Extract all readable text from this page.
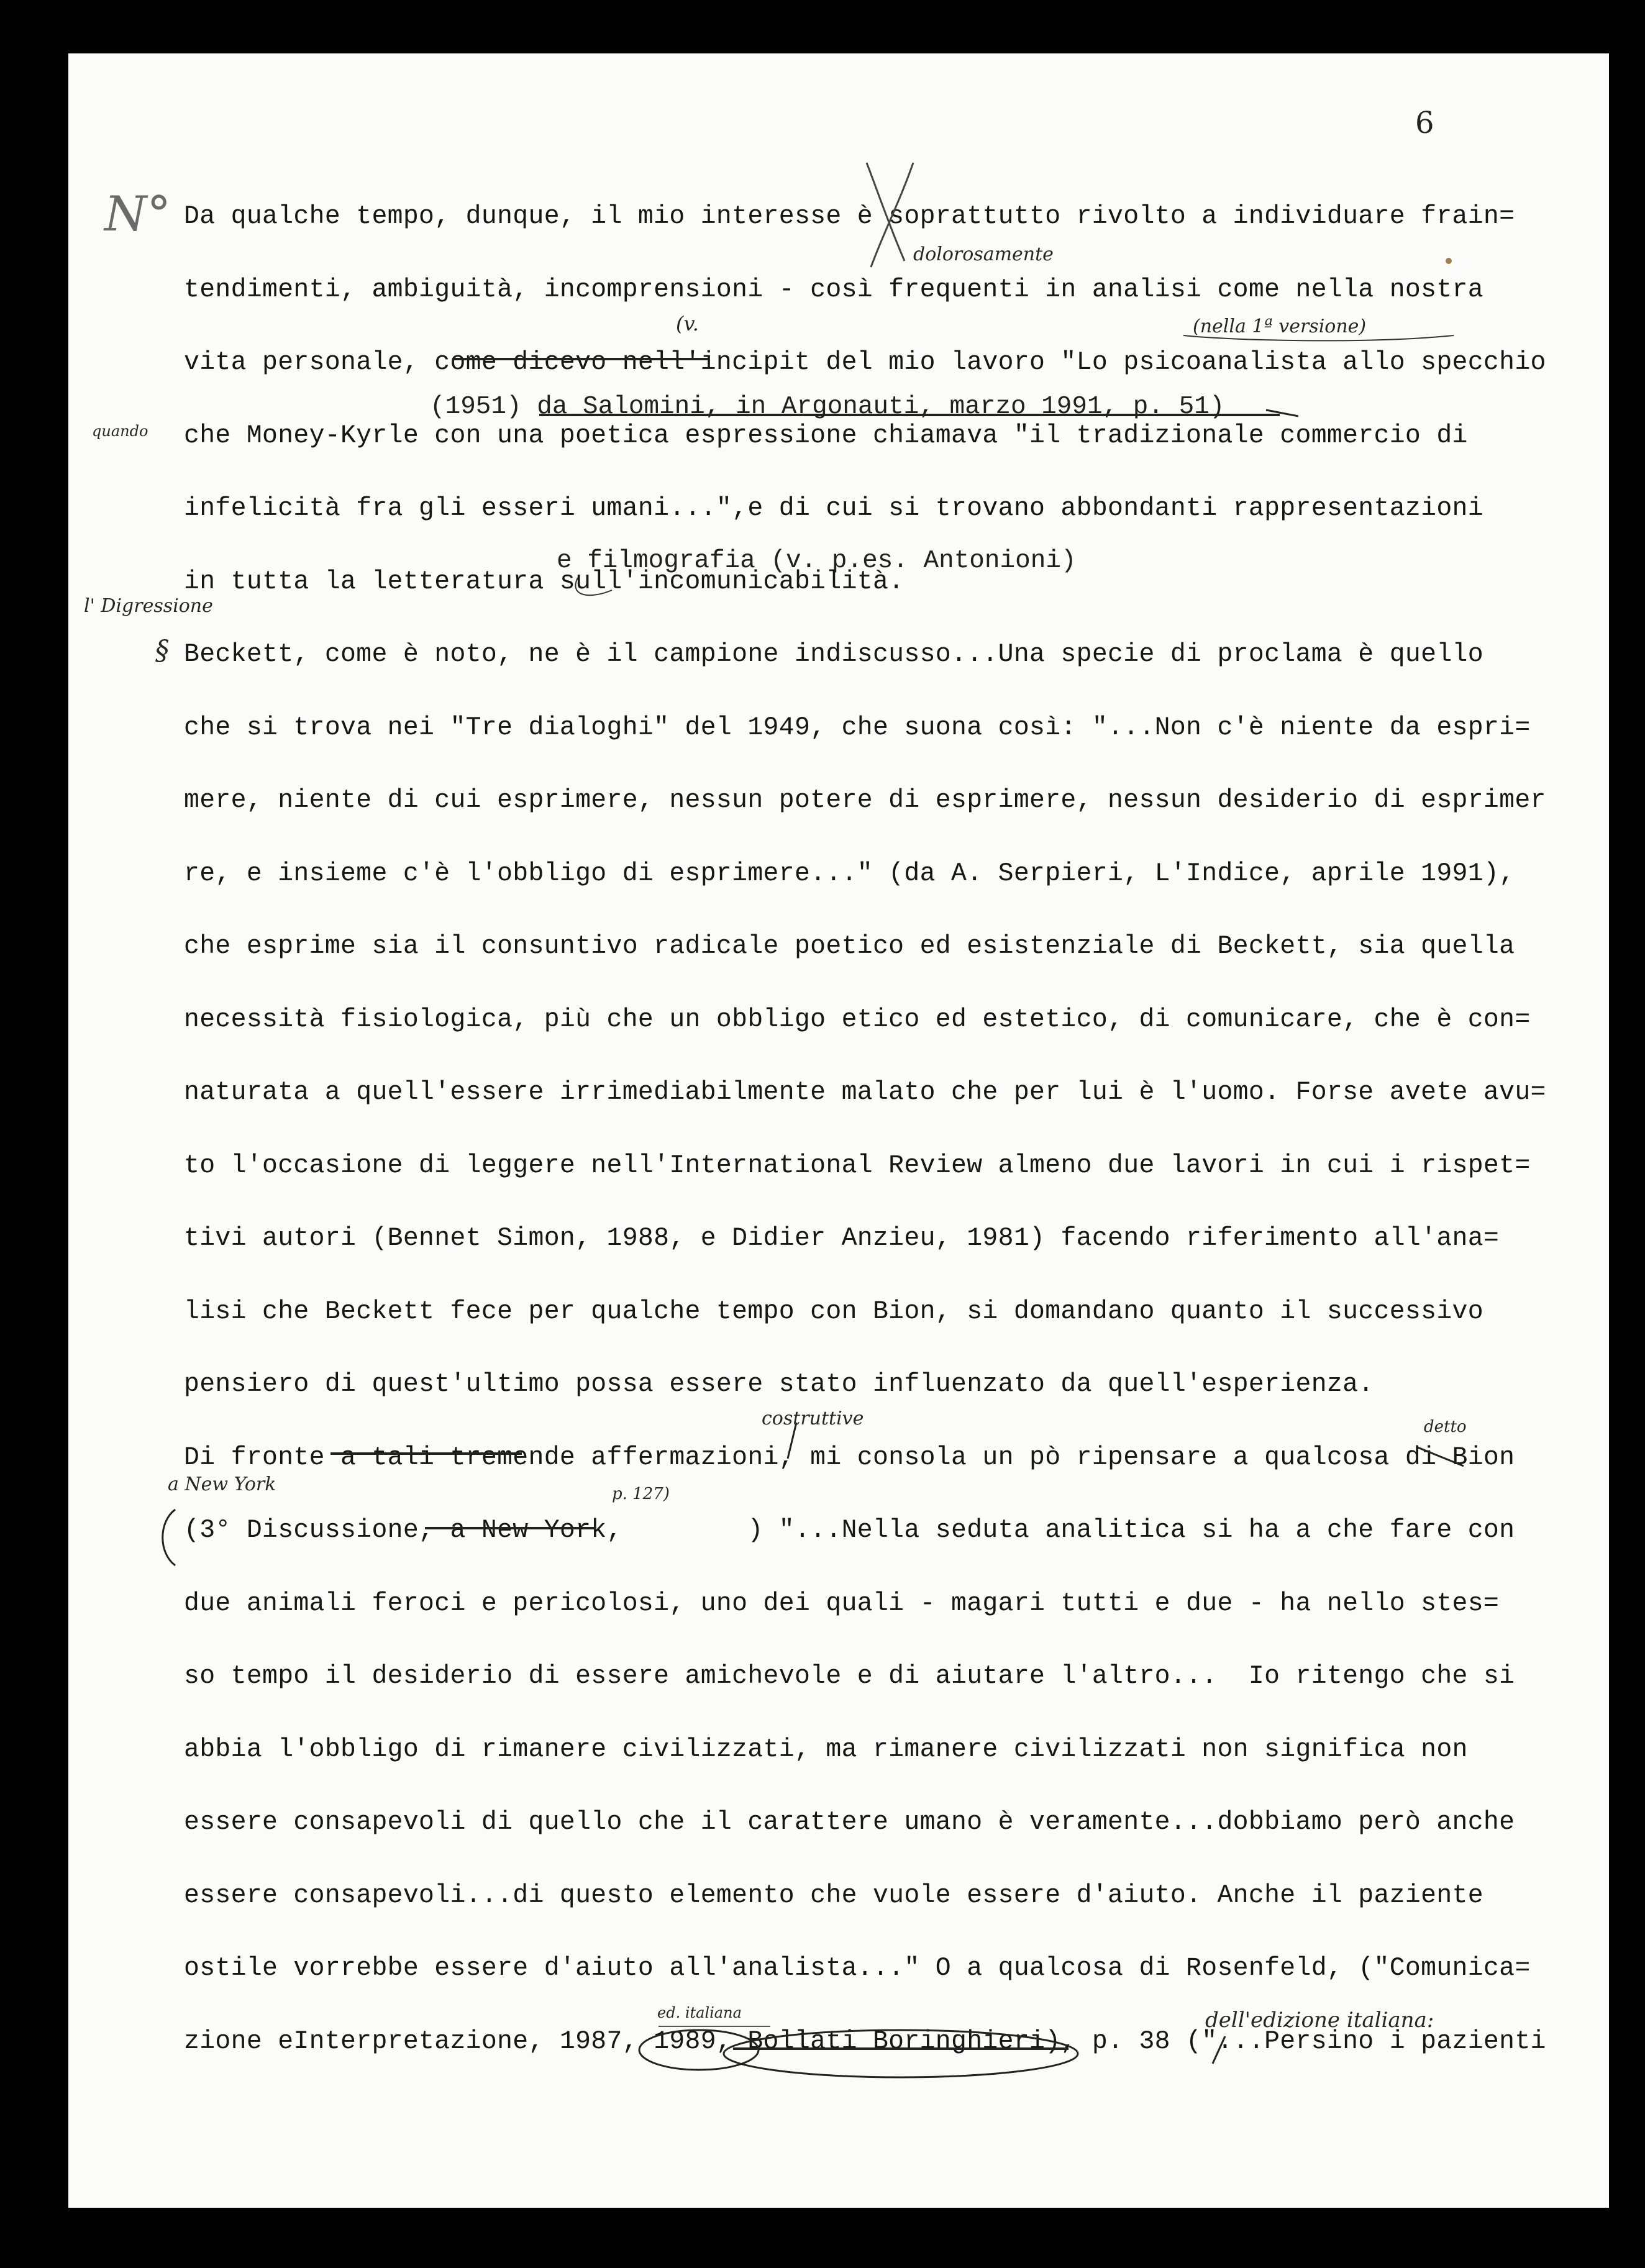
6
Da qualche tempo, dunque, il mio interesse è soprattutto rivolto a individuare frain=
tendimenti, ambiguità, incomprensioni - così frequenti in analisi come nella nostra
vita personale, come dicevo nell'incipit del mio lavoro "Lo psicoanalista allo specchio
che Money-Kyrle con una poetica espressione chiamava "il tradizionale commercio di
infelicità fra gli esseri umani...",e di cui si trovano abbondanti rappresentazioni
in tutta la letteratura sull'incomunicabilità.
Beckett, come è noto, ne è il campione indiscusso...Una specie di proclama è quello
che si trova nei "Tre dialoghi" del 1949, che suona così: "...Non c'è niente da espri=
mere, niente di cui esprimere, nessun potere di esprimere, nessun desiderio di esprimer
re, e insieme c'è l'obbligo di esprimere..." (da A. Serpieri, L'Indice, aprile 1991),
che esprime sia il consuntivo radicale poetico ed esistenziale di Beckett, sia quella
necessità fisiologica, più che un obbligo etico ed estetico, di comunicare, che è con=
naturata a quell'essere irrimediabilmente malato che per lui è l'uomo. Forse avete avu=
to l'occasione di leggere nell'International Review almeno due lavori in cui i rispet=
tivi autori (Bennet Simon, 1988, e Didier Anzieu, 1981) facendo riferimento all'ana=
lisi che Beckett fece per qualche tempo con Bion, si domandano quanto il successivo
pensiero di quest'ultimo possa essere stato influenzato da quell'esperienza.
Di fronte a tali tremende affermazioni, mi consola un pò ripensare a qualcosa di Bion
(3° Discussione, a New York,        ) "...Nella seduta analitica si ha a che fare con
due animali feroci e pericolosi, uno dei quali - magari tutti e due - ha nello stes=
so tempo il desiderio di essere amichevole e di aiutare l'altro...  Io ritengo che si
abbia l'obbligo di rimanere civilizzati, ma rimanere civilizzati non significa non
essere consapevoli di quello che il carattere umano è veramente...dobbiamo però anche
essere consapevoli...di questo elemento che vuole essere d'aiuto. Anche il paziente
ostile vorrebbe essere d'aiuto all'analista..." O a qualcosa di Rosenfeld, ("Comunica=
zione eInterpretazione, 1987, 1989, Bollati Boringhieri), p. 38 ("...Persino i pazienti
(1951) da Salomini, in Argonauti, marzo 1991, p. 51)
e filmografia (v. p.es. Antonioni)
N°
dolorosamente
(v.	(nella 1ª versione)
quando
l' Digressione
§
costruttive	detto
a New York	p. 127)
dell'edizione italiana:
ed. italiana
